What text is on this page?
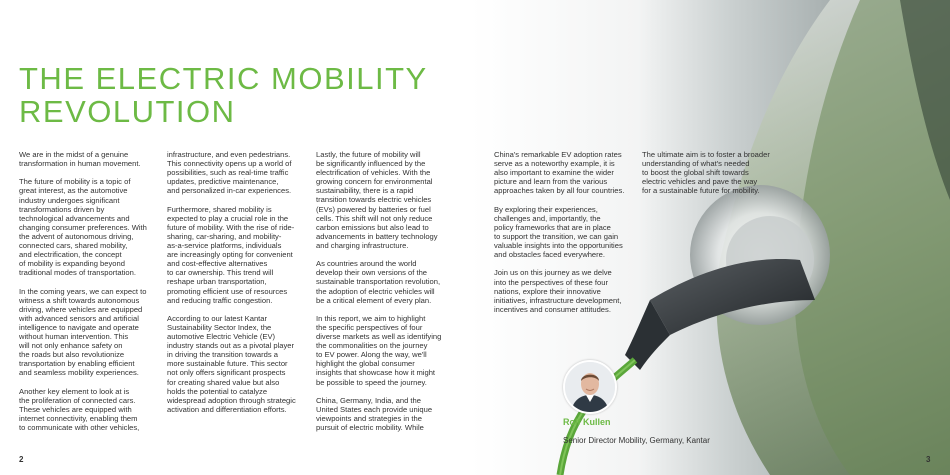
THE ELECTRIC MOBILITY
REVOLUTION

We are in the midst of a genuine
transformation in human movement.

The future of mobility is a topic of
great interest, as the automotive
industry undergoes significant
transformations driven by
technological advancements and
changing consumer preferences. With
the advent of autonomous driving,
connected cars, shared mobility,
and electrification, the concept
of mobility is expanding beyond
traditional modes of transportation.

In the coming years, we can expect to
witness a shift towards autonomous
driving, where vehicles are equipped
with advanced sensors and artificial
intelligence to navigate and operate
without human intervention. This
will not only enhance safety on
the roads but also revolutionize
transportation by enabling efficient
and seamless mobility experiences.

Another key element to look at is
the proliferation of connected cars.
These vehicles are equipped with
internet connectivity, enabling them
to communicate with other vehicles,

infrastructure, and even pedestrians.
This connectivity opens up a world of
possibilities, such as real-time traffic
updates, predictive maintenance,
and personalized in-car experiences.

Furthermore, shared mobility is
expected to play a crucial role in the
future of mobility. With the rise of ride-
sharing, car-sharing, and mobility-
as-a-service platforms, individuals
are increasingly opting for convenient
and cost-effective alternatives
to car ownership. This trend will
reshape urban transportation,
promoting efficient use of resources
and reducing traffic congestion.

According to our latest Kantar
Sustainability Sector Index, the
automotive Electric Vehicle (EV)
industry stands out as a pivotal player
in driving the transition towards a
more sustainable future. This sector
not only offers significant prospects
for creating shared value but also
holds the potential to catalyze
widespread adoption through strategic
activation and differentiation efforts.

Lastly, the future of mobility will
be significantly influenced by the
electrification of vehicles. With the
growing concern for environmental
sustainability, there is a rapid
transition towards electric vehicles
(EVs) powered by batteries or fuel
cells. This shift will not only reduce
carbon emissions but also lead to
advancements in battery technology
and charging infrastructure.

As countries around the world
develop their own versions of the
sustainable transportation revolution,
the adoption of electric vehicles will
be a critical element of every plan.

In this report, we aim to highlight
the specific perspectives of four
diverse markets as well as identifying
the commonalities on the journey
to EV power. Along the way, we'll
highlight the global consumer
insights that showcase how it might
be possible to speed the journey.

China, Germany, India, and the
United States each provide unique
viewpoints and strategies in the
pursuit of electric mobility. While

China's remarkable EV adoption rates
serve as a noteworthy example, it is
also important to examine the wider
picture and learn from the various
approaches taken by all four countries.

By exploring their experiences,
challenges and, importantly, the
policy frameworks that are in place
to support the transition, we can gain
valuable insights into the opportunities
and obstacles faced everywhere.

Join us on this journey as we delve
into the perspectives of these four
nations, explore their innovative
initiatives, infrastructure development,
incentives and consumer attitudes.

The ultimate aim is to foster a broader
understanding of what's needed
to boost the global shift towards
electric vehicles and pave the way
for a sustainable future for mobility.

Rolf Kullen
Senior Director Mobility, Germany, Kantar
2	3
